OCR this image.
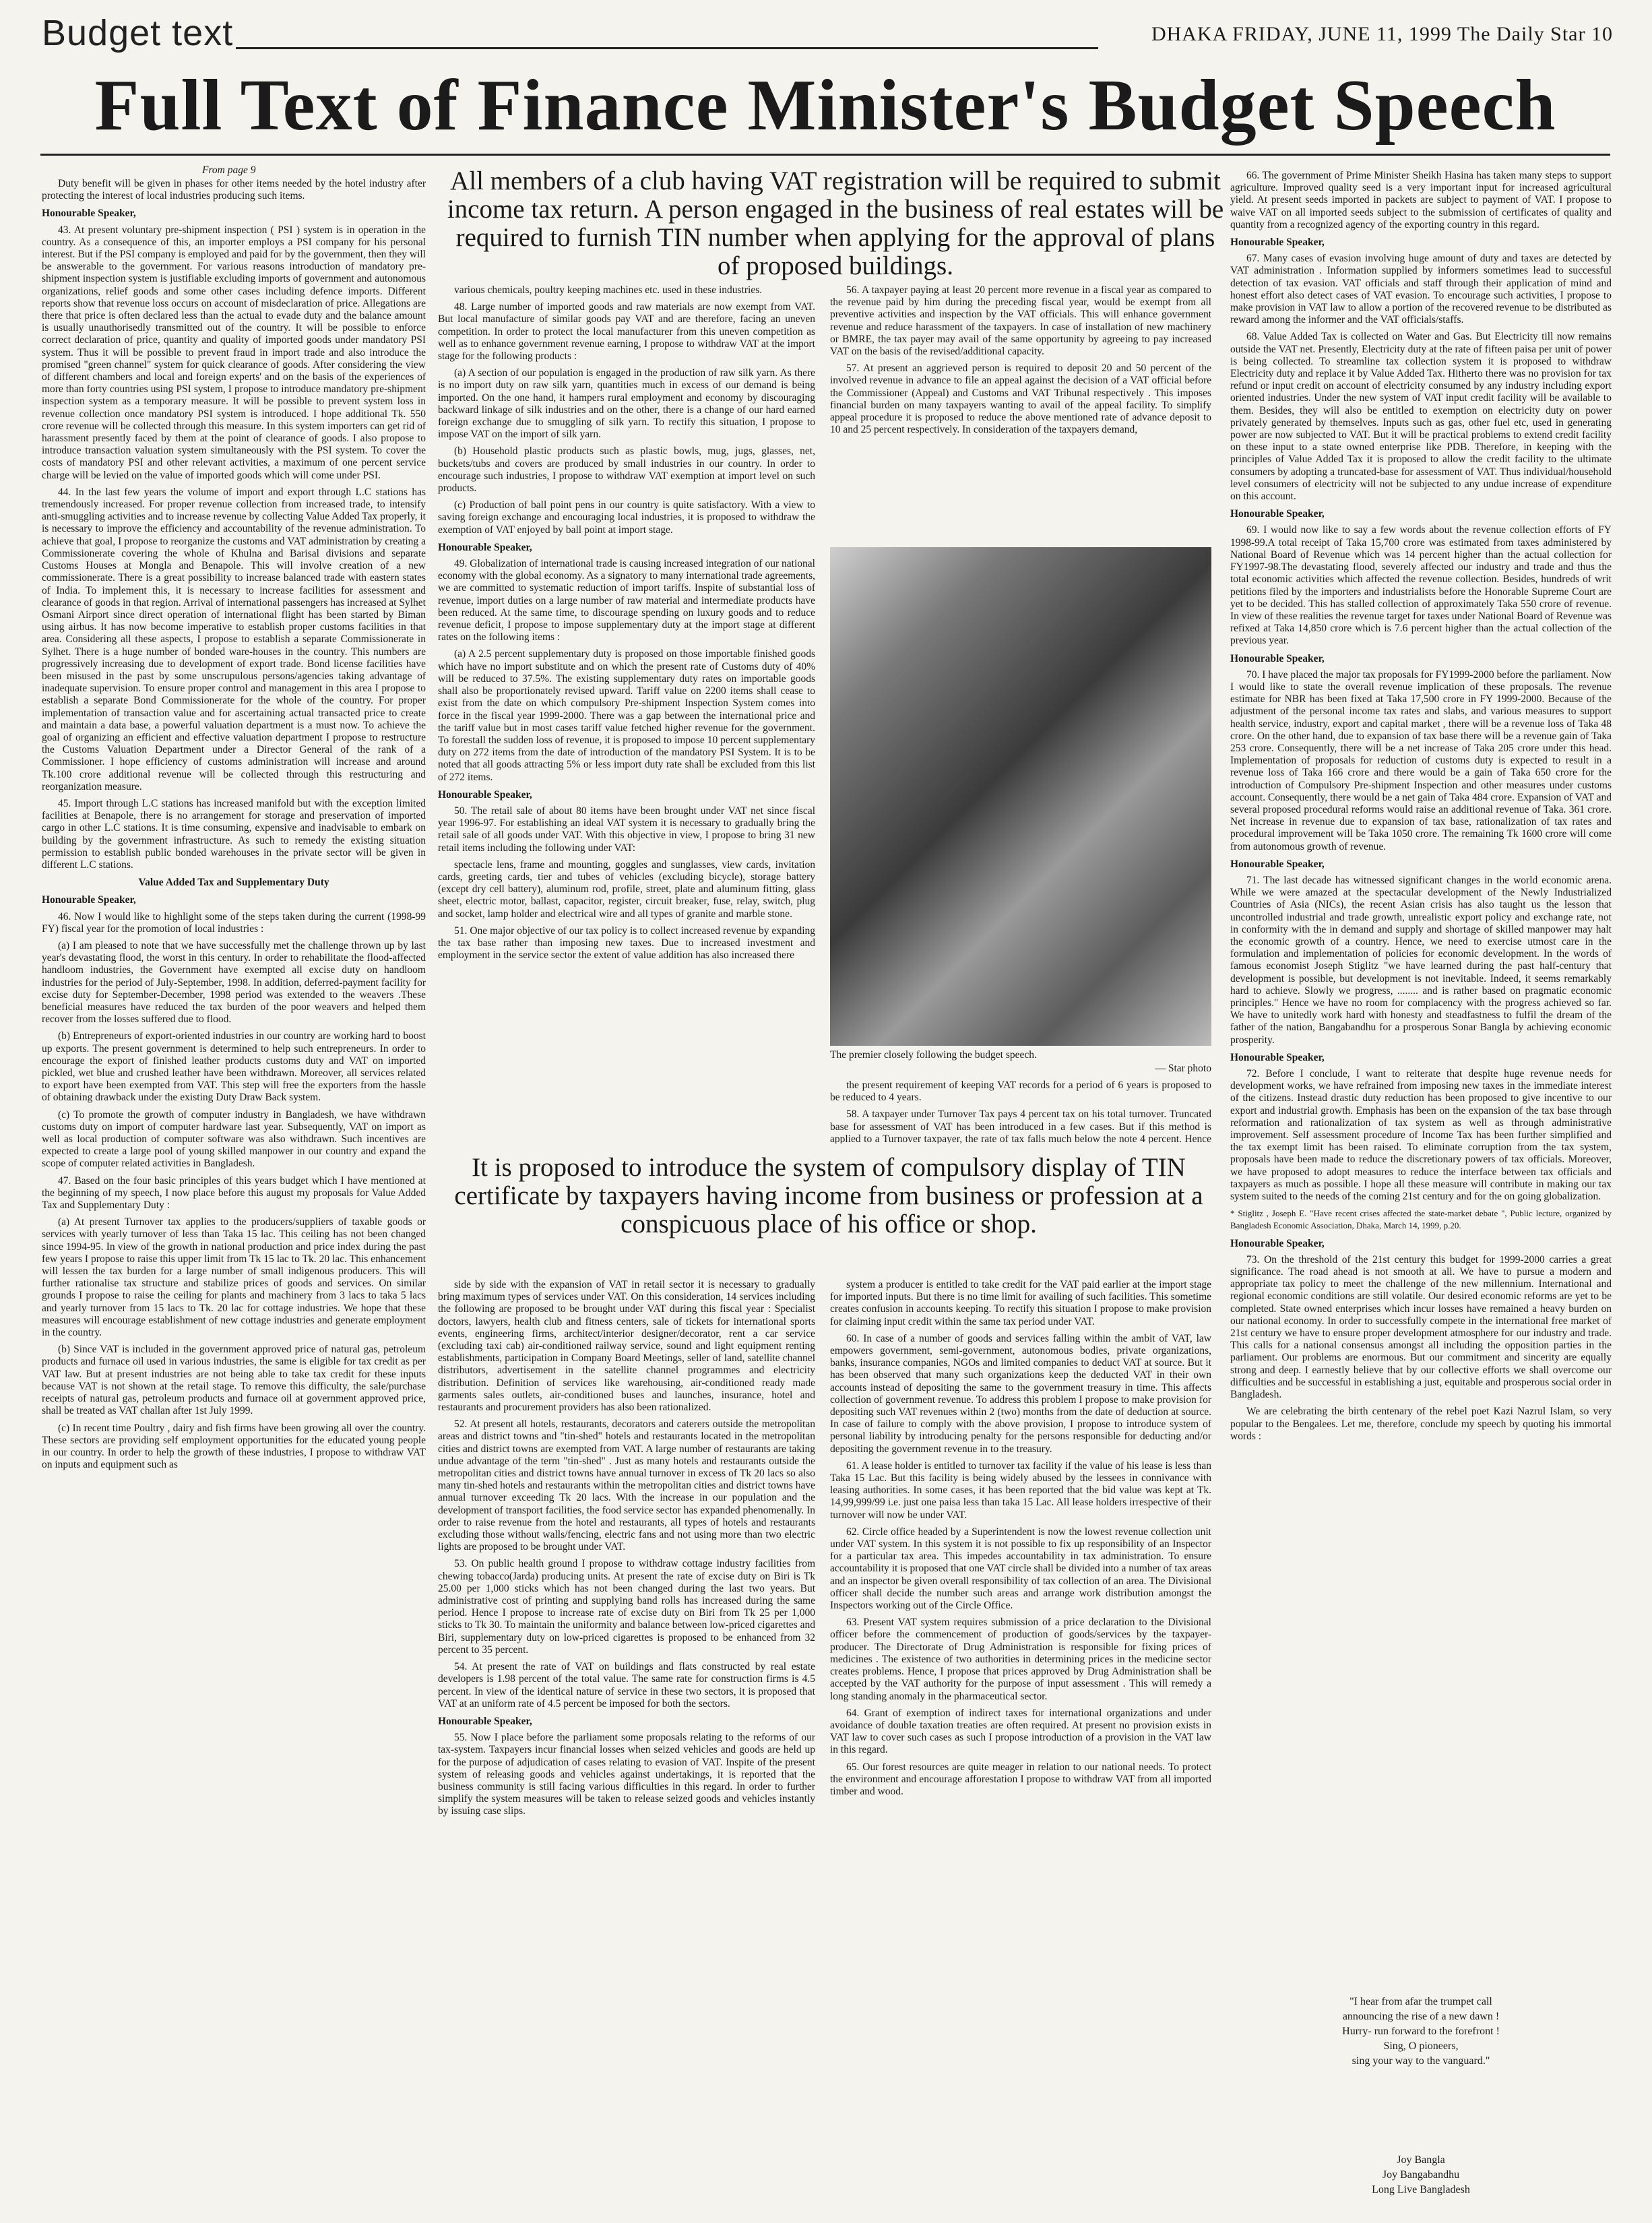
Budget text	DHAKA FRIDAY, JUNE 11, 1999 The Daily Star 10
Full Text of Finance Minister's Budget Speech
From page 9

Duty benefit will be given in phases for other items needed by the hotel industry after protecting the interest of local industries producing such items.

Honourable Speaker,

43. At present voluntary pre-shipment inspection ( PSI ) system is in operation in the country. As a consequence of this, an importer employs a PSI company for his personal interest. But if the PSI company is employed and paid for by the government, then they will be answerable to the government. For various reasons introduction of mandatory pre-shipment inspection system is justifiable excluding imports of government and autonomous organizations, relief goods and some other cases including defence imports. Different reports show that revenue loss occurs on account of misdeclaration of price. Allegations are there that price is often declared less than the actual to evade duty and the balance amount is usually unauthorisedly transmitted out of the country. It will be possible to enforce correct declaration of price, quantity and quality of imported goods under mandatory PSI system. Thus it will be possible to prevent fraud in import trade and also introduce the promised "green channel" system for quick clearance of goods. After considering the view of different chambers and local and foreign experts' and on the basis of the experiences of more than forty countries using PSI system, I propose to introduce mandatory pre-shipment inspection system as a temporary measure. It will be possible to prevent system loss in revenue collection once mandatory PSI system is introduced. I hope additional Tk. 550 crore revenue will be collected through this measure. In this system importers can get rid of harassment presently faced by them at the point of clearance of goods. I also propose to introduce transaction valuation system simultaneously with the PSI system. To cover the costs of mandatory PSI and other relevant activities, a maximum of one percent service charge will be levied on the value of imported goods which will come under PSI.

44. In the last few years the volume of import and export through L.C stations has tremendously increased. For proper revenue collection from increased trade, to intensify anti-smuggling activities and to increase revenue by collecting Value Added Tax properly, it is necessary to improve the efficiency and accountability of the revenue administration. To achieve that goal, I propose to reorganize the customs and VAT administration by creating a Commissionerate covering the whole of Khulna and Barisal divisions and separate Customs Houses at Mongla and Benapole. This will involve creation of a new commissionerate. There is a great possibility to increase balanced trade with eastern states of India. To implement this, it is necessary to increase facilities for assessment and clearance of goods in that region. Arrival of international passengers has increased at Sylhet Osmani Airport since direct operation of international flight has been started by Biman using airbus. It has now become imperative to establish proper customs facilities in that area. Considering all these aspects, I propose to establish a separate Commissionerate in Sylhet. There is a huge number of bonded ware-houses in the country. This numbers are progressively increasing due to development of export trade. Bond license facilities have been misused in the past by some unscrupulous persons/agencies taking advantage of inadequate supervision. To ensure proper control and management in this area I propose to establish a separate Bond Commissionerate for the whole of the country. For proper implementation of transaction value and for ascertaining actual transacted price to create and maintain a data base, a powerful valuation department is a must now. To achieve the goal of organizing an efficient and effective valuation department I propose to restructure the Customs Valuation Department under a Director General of the rank of a Commissioner. I hope efficiency of customs administration will increase and around Tk.100 crore additional revenue will be collected through this restructuring and reorganization measure.

45. Import through L.C stations has increased manifold but with the exception limited facilities at Benapole, there is no arrangement for storage and preservation of imported cargo in other L.C stations. It is time consuming, expensive and inadvisable to embark on building by the government infrastructure. As such to remedy the existing situation permission to establish public bonded warehouses in the private sector will be given in different L.C stations.

Value Added Tax and Supplementary Duty
Honourable Speaker,

46. Now I would like to highlight some of the steps taken during the current (1998-99 FY) fiscal year for the promotion of local industries :

(a) I am pleased to note that we have successfully met the challenge thrown up by last year's devastating flood, the worst in this century. In order to rehabilitate the flood-affected handloom industries, the Government have exempted all excise duty on handloom industries for the period of July-September, 1998. In addition, deferred-payment facility for excise duty for September-December, 1998 period was extended to the weavers .These beneficial measures have reduced the tax burden of the poor weavers and helped them recover from the losses suffered due to flood.

(b) Entrepreneurs of export-oriented industries in our country are working hard to boost up exports. The present government is determined to help such entrepreneurs. In order to encourage the export of finished leather products customs duty and VAT on imported pickled, wet blue and crushed leather have been withdrawn. Moreover, all services related to export have been exempted from VAT. This step will free the exporters from the hassle of obtaining drawback under the existing Duty Draw Back system.

(c) To promote the growth of computer industry in Bangladesh, we have withdrawn customs duty on import of computer hardware last year. Subsequently, VAT on import as well as local production of computer software was also withdrawn. Such incentives are expected to create a large pool of young skilled manpower in our country and expand the scope of computer related activities in Bangladesh.

47. Based on the four basic principles of this years budget which I have mentioned at the beginning of my speech, I now place before this august my proposals for Value Added Tax and Supplementary Duty :

(a) At present Turnover tax applies to the producers/suppliers of taxable goods or services with yearly turnover of less than Taka 15 lac. This ceiling has not been changed since 1994-95. In view of the growth in national production and price index during the past few years I propose to raise this upper limit from Tk 15 lac to Tk. 20 lac. This enhancement will lessen the tax burden for a large number of small indigenous producers. This will further rationalise tax structure and stabilize prices of goods and services. On similar grounds I propose to raise the ceiling for plants and machinery from 3 lacs to taka 5 lacs and yearly turnover from 15 lacs to Tk. 20 lac for cottage industries. We hope that these measures will encourage establishment of new cottage industries and generate employment in the country.

(b) Since VAT is included in the government approved price of natural gas, petroleum products and furnace oil used in various industries, the same is eligible for tax credit as per VAT law. But at present industries are not being able to take tax credit for these inputs because VAT is not shown at the retail stage. To remove this difficulty, the sale/purchase receipts of natural gas, petroleum products and furnace oil at government approved price, shall be treated as VAT challan after 1st July 1999.

(c) In recent time Poultry , dairy and fish firms have been growing all over the country. These sectors are providing self employment opportunities for the educated young people in our country. In order to help the growth of these industries, I propose to withdraw VAT on inputs and equipment such as

All members of a club having VAT registration will be required to submit income tax return. A person engaged in the business of real estates will be required to furnish TIN number when applying for the approval of plans of proposed buildings.

various chemicals, poultry keeping machines etc. used in these industries.

48. Large number of imported goods and raw materials are now exempt from VAT. But local manufacture of similar goods pay VAT and are therefore, facing an uneven competition. In order to protect the local manufacturer from this uneven competition as well as to enhance government revenue earning, I propose to withdraw VAT at the import stage for the following products :

(a) A section of our population is engaged in the production of raw silk yarn. As there is no import duty on raw silk yarn, quantities much in excess of our demand is being imported. On the one hand, it hampers rural employment and economy by discouraging backward linkage of silk industries and on the other, there is a change of our hard earned foreign exchange due to smuggling of silk yarn. To rectify this situation, I propose to impose VAT on the import of silk yarn.

(b) Household plastic products such as plastic bowls, mug, jugs, glasses, net, buckets/tubs and covers are produced by small industries in our country. In order to encourage such industries, I propose to withdraw VAT exemption at import level on such products.

(c) Production of ball point pens in our country is quite satisfactory. With a view to saving foreign exchange and encouraging local industries, it is proposed to withdraw the exemption of VAT enjoyed by ball point at import stage.

Honourable Speaker,

49. Globalization of international trade is causing increased integration of our national economy with the global economy. As a signatory to many international trade agreements, we are committed to systematic reduction of import tariffs. Inspite of substantial loss of revenue, import duties on a large number of raw material and intermediate products have been reduced. At the same time, to discourage spending on luxury goods and to reduce revenue deficit, I propose to impose supplementary duty at the import stage at different rates on the following items :

(a) A 2.5 percent supplementary duty is proposed on those importable finished goods which have no import substitute and on which the present rate of Customs duty of 40% will be reduced to 37.5%. The existing supplementary duty rates on importable goods shall also be proportionately revised upward. Tariff value on 2200 items shall cease to exist from the date on which compulsory Pre-shipment Inspection System comes into force in the fiscal year 1999-2000. There was a gap between the international price and the tariff value but in most cases tariff value fetched higher revenue for the government. To forestall the sudden loss of revenue, it is proposed to impose 10 percent supplementary duty on 272 items from the date of introduction of the mandatory PSI System. It is to be noted that all goods attracting 5% or less import duty rate shall be excluded from this list of 272 items.

Honourable Speaker,

50. The retail sale of about 80 items have been brought under VAT net since fiscal year 1996-97. For establishing an ideal VAT system it is necessary to gradually bring the retail sale of all goods under VAT. With this objective in view, I propose to bring 31 new retail items including the following under VAT:

spectacle lens, frame and mounting, goggles and sunglasses, view cards, invitation cards, greeting cards, tier and tubes of vehicles (excluding bicycle), storage battery (except dry cell battery), aluminum rod, profile, street, plate and aluminum fitting, glass sheet, electric motor, ballast, capacitor, register, circuit breaker, fuse, relay, switch, plug and socket, lamp holder and electrical wire and all types of granite and marble stone.

51. One major objective of our tax policy is to collect increased revenue by expanding the tax base rather than imposing new taxes. Due to increased investment and employment in the service sector the extent of value addition has also increased there

56. A taxpayer paying at least 20 percent more revenue in a fiscal year as compared to the revenue paid by him during the preceding fiscal year, would be exempt from all preventive activities and inspection by the VAT officials. This will enhance government revenue and reduce harassment of the taxpayers. In case of installation of new machinery or BMRE, the tax payer may avail of the same opportunity by agreeing to pay increased VAT on the basis of the revised/additional capacity.

57. At present an aggrieved person is required to deposit 20 and 50 percent of the involved revenue in advance to file an appeal against the decision of a VAT official before the Commissioner (Appeal) and Customs and VAT Tribunal respectively . This imposes financial burden on many taxpayers wanting to avail of the appeal facility. To simplify appeal procedure it is proposed to reduce the above mentioned rate of advance deposit to 10 and 25 percent respectively. In consideration of the taxpayers demand,

The premier closely following the budget speech.
— Star photo

the present requirement of keeping VAT records for a period of 6 years is proposed to be reduced to 4 years.

58. A taxpayer under Turnover Tax pays 4 percent tax on his total turnover. Truncated base for assessment of VAT has been introduced in a few cases. But if this method is applied to a Turnover taxpayer, the rate of tax falls much below the note 4 percent. Hence

It is proposed to introduce the system of compulsory display of TIN certificate by taxpayers having income from business or profession at a conspicuous place of his office or shop.

side by side with the expansion of VAT in retail sector it is necessary to gradually bring maximum types of services under VAT. On this consideration, 14 services including the following are proposed to be brought under VAT during this fiscal year : Specialist doctors, lawyers, health club and fitness centers, sale of tickets for international sports events, engineering firms, architect/interior designer/decorator, rent a car service (excluding taxi cab) air-conditioned railway service, sound and light equipment renting establishments, participation in Company Board Meetings, seller of land, satellite channel distributors, advertisement in the satellite channel programmes and electricity distribution. Definition of services like warehousing, air-conditioned ready made garments sales outlets, air-conditioned buses and launches, insurance, hotel and restaurants and procurement providers has also been rationalized.

52. At present all hotels, restaurants, decorators and caterers outside the metropolitan areas and district towns and "tin-shed" hotels and restaurants located in the metropolitan cities and district towns are exempted from VAT. A large number of restaurants are taking undue advantage of the term "tin-shed" . Just as many hotels and restaurants outside the metropolitan cities and district towns have annual turnover in excess of Tk 20 lacs so also many tin-shed hotels and restaurants within the metropolitan cities and district towns have annual turnover exceeding Tk 20 lacs. With the increase in our population and the development of transport facilities, the food service sector has expanded phenomenally. In order to raise revenue from the hotel and restaurants, all types of hotels and restaurants excluding those without walls/fencing, electric fans and not using more than two electric lights are proposed to be brought under VAT.

53. On public health ground I propose to withdraw cottage industry facilities from chewing tobacco(Jarda) producing units. At present the rate of excise duty on Biri is Tk 25.00 per 1,000 sticks which has not been changed during the last two years. But administrative cost of printing and supplying band rolls has increased during the same period. Hence I propose to increase rate of excise duty on Biri from Tk 25 per 1,000 sticks to Tk 30. To maintain the uniformity and balance between low-priced cigarettes and Biri, supplementary duty on low-priced cigarettes is proposed to be enhanced from 32 percent to 35 percent.

54. At present the rate of VAT on buildings and flats constructed by real estate developers is 1.98 percent of the total value. The same rate for construction firms is 4.5 percent. In view of the identical nature of service in these two sectors, it is proposed that VAT at an uniform rate of 4.5 percent be imposed for both the sectors.

Honourable Speaker,

55. Now I place before the parliament some proposals relating to the reforms of our tax-system. Taxpayers incur financial losses when seized vehicles and goods are held up for the purpose of adjudication of cases relating to evasion of VAT. Inspite of the present system of releasing goods and vehicles against undertakings, it is reported that the business community is still facing various difficulties in this regard. In order to further simplify the system measures will be taken to release seized goods and vehicles instantly by issuing case slips.

system a producer is entitled to take credit for the VAT paid earlier at the import stage for imported inputs. But there is no time limit for availing of such facilities. This sometime creates confusion in accounts keeping. To rectify this situation I propose to make provision for claiming input credit within the same tax period under VAT.

60. In case of a number of goods and services falling within the ambit of VAT, law empowers government, semi-government, autonomous bodies, private organizations, banks, insurance companies, NGOs and limited companies to deduct VAT at source. But it has been observed that many such organizations keep the deducted VAT in their own accounts instead of depositing the same to the government treasury in time. This affects collection of government revenue. To address this problem I propose to make provision for depositing such VAT revenues within 2 (two) months from the date of deduction at source. In case of failure to comply with the above provision, I propose to introduce system of personal liability by introducing penalty for the persons responsible for deducting and/or depositing the government revenue in to the treasury.

61. A lease holder is entitled to turnover tax facility if the value of his lease is less than Taka 15 Lac. But this facility is being widely abused by the lessees in connivance with leasing authorities. In some cases, it has been reported that the bid value was kept at Tk. 14,99,999/99 i.e. just one paisa less than taka 15 Lac. All lease holders irrespective of their turnover will now be under VAT.

62. Circle office headed by a Superintendent is now the lowest revenue collection unit under VAT system. In this system it is not possible to fix up responsibility of an Inspector for a particular tax area. This impedes accountability in tax administration. To ensure accountability it is proposed that one VAT circle shall be divided into a number of tax areas and an inspector be given overall responsibility of tax collection of an area. The Divisional officer shall decide the number such areas and arrange work distribution amongst the Inspectors working out of the Circle Office.

63. Present VAT system requires submission of a price declaration to the Divisional officer before the commencement of production of goods/services by the taxpayer-producer. The Directorate of Drug Administration is responsible for fixing prices of medicines . The existence of two authorities in determining prices in the medicine sector creates problems. Hence, I propose that prices approved by Drug Administration shall be accepted by the VAT authority for the purpose of input assessment . This will remedy a long standing anomaly in the pharmaceutical sector.

64. Grant of exemption of indirect taxes for international organizations and under avoidance of double taxation treaties are often required. At present no provision exists in VAT law to cover such cases as such I propose introduction of a provision in the VAT law in this regard.

65. Our forest resources are quite meager in relation to our national needs. To protect the environment and encourage afforestation I propose to withdraw VAT from all imported timber and wood.

66. The government of Prime Minister Sheikh Hasina has taken many steps to support agriculture. Improved quality seed is a very important input for increased agricultural yield. At present seeds imported in packets are subject to payment of VAT. I propose to waive VAT on all imported seeds subject to the submission of certificates of quality and quantity from a recognized agency of the exporting country in this regard.

Honourable Speaker,

67. Many cases of evasion involving huge amount of duty and taxes are detected by VAT administration . Information supplied by informers sometimes lead to successful detection of tax evasion. VAT officials and staff through their application of mind and honest effort also detect cases of VAT evasion. To encourage such activities, I propose to make provision in VAT law to allow a portion of the recovered revenue to be distributed as reward among the informer and the VAT officials/staffs.

68. Value Added Tax is collected on Water and Gas. But Electricity till now remains outside the VAT net. Presently, Electricity duty at the rate of fifteen paisa per unit of power is being collected. To streamline tax collection system it is proposed to withdraw Electricity duty and replace it by Value Added Tax. Hitherto there was no provision for tax refund or input credit on account of electricity consumed by any industry including export oriented industries. Under the new system of VAT input credit facility will be available to them. Besides, they will also be entitled to exemption on electricity duty on power privately generated by themselves. Inputs such as gas, other fuel etc, used in generating power are now subjected to VAT. But it will be practical problems to extend credit facility on these input to a state owned enterprise like PDB. Therefore, in keeping with the principles of Value Added Tax it is proposed to allow the credit facility to the ultimate consumers by adopting a truncated-base for assessment of VAT. Thus individual/household level consumers of electricity will not be subjected to any undue increase of expenditure on this account.

Honourable Speaker,

69. I would now like to say a few words about the revenue collection efforts of FY 1998-99.A total receipt of Taka 15,700 crore was estimated from taxes administered by National Board of Revenue which was 14 percent higher than the actual collection for FY1997-98.The devastating flood, severely affected our industry and trade and thus the total economic activities which affected the revenue collection. Besides, hundreds of writ petitions filed by the importers and industrialists before the Honorable Supreme Court are yet to be decided. This has stalled collection of approximately Taka 550 crore of revenue. In view of these realities the revenue target for taxes under National Board of Revenue was refixed at Taka 14,850 crore which is 7.6 percent higher than the actual collection of the previous year.

Honourable Speaker,

70. I have placed the major tax proposals for FY1999-2000 before the parliament. Now I would like to state the overall revenue implication of these proposals. The revenue estimate for NBR has been fixed at Taka 17,500 crore in FY 1999-2000. Because of the adjustment of the personal income tax rates and slabs, and various measures to support health service, industry, export and capital market , there will be a revenue loss of Taka 48 crore. On the other hand, due to expansion of tax base there will be a revenue gain of Taka 253 crore. Consequently, there will be a net increase of Taka 205 crore under this head. Implementation of proposals for reduction of customs duty is expected to result in a revenue loss of Taka 166 crore and there would be a gain of Taka 650 crore for the introduction of Compulsory Pre-shipment Inspection and other measures under customs account. Consequently, there would be a net gain of Taka 484 crore. Expansion of VAT and several proposed procedural reforms would raise an additional revenue of Taka. 361 crore. Net increase in revenue due to expansion of tax base, rationalization of tax rates and procedural improvement will be Taka 1050 crore. The remaining Tk 1600 crore will come from autonomous growth of revenue.

Honourable Speaker,

71. The last decade has witnessed significant changes in the world economic arena. While we were amazed at the spectacular development of the Newly Industrialized Countries of Asia (NICs), the recent Asian crisis has also taught us the lesson that uncontrolled industrial and trade growth, unrealistic export policy and exchange rate, not in conformity with the in demand and supply and shortage of skilled manpower may halt the economic growth of a country. Hence, we need to exercise utmost care in the formulation and implementation of policies for economic development. In the words of famous economist Joseph Stiglitz "we have learned during the past half-century that development is possible, but development is not inevitable. Indeed, it seems remarkably hard to achieve. Slowly we progress, ........ and is rather based on pragmatic economic principles." Hence we have no room for complacency with the progress achieved so far. We have to unitedly work hard with honesty and steadfastness to fulfil the dream of the father of the nation, Bangabandhu for a prosperous Sonar Bangla by achieving economic prosperity.

Honourable Speaker,

72. Before I conclude, I want to reiterate that despite huge revenue needs for development works, we have refrained from imposing new taxes in the immediate interest of the citizens. Instead drastic duty reduction has been proposed to give incentive to our export and industrial growth. Emphasis has been on the expansion of the tax base through reformation and rationalization of tax system as well as through administrative improvement. Self assessment procedure of Income Tax has been further simplified and the tax exempt limit has been raised. To eliminate corruption from the tax system, proposals have been made to reduce the discretionary powers of tax officials. Moreover, we have proposed to adopt measures to reduce the interface between tax officials and taxpayers as much as possible. I hope all these measure will contribute in making our tax system suited to the needs of the coming 21st century and for the on going globalization.

* Stiglitz , Joseph E. "Have recent crises affected the state-market debate ", Public lecture, organized by Bangladesh Economic Association, Dhaka, March 14, 1999, p.20.

Honourable Speaker,

73. On the threshold of the 21st century this budget for 1999-2000 carries a great significance. The road ahead is not smooth at all. We have to pursue a modern and appropriate tax policy to meet the challenge of the new millennium. International and regional economic conditions are still volatile. Our desired economic reforms are yet to be completed. State owned enterprises which incur losses have remained a heavy burden on our national economy. In order to successfully compete in the international free market of 21st century we have to ensure proper development atmosphere for our industry and trade. This calls for a national consensus amongst all including the opposition parties in the parliament. Our problems are enormous. But our commitment and sincerity are equally strong and deep. I earnestly believe that by our collective efforts we shall overcome our difficulties and be successful in establishing a just, equitable and prosperous social order in Bangladesh.

We are celebrating the birth centenary of the rebel poet Kazi Nazrul Islam, so very popular to the Bengalees. Let me, therefore, conclude my speech by quoting his immortal words :

"I hear from afar the trumpet call
announcing the rise of a new dawn !
Hurry- run forward to the forefront !
Sing, O pioneers,
sing your way to the vanguard."
Joy Bangla
Joy Bangabandhu
Long Live Bangladesh
